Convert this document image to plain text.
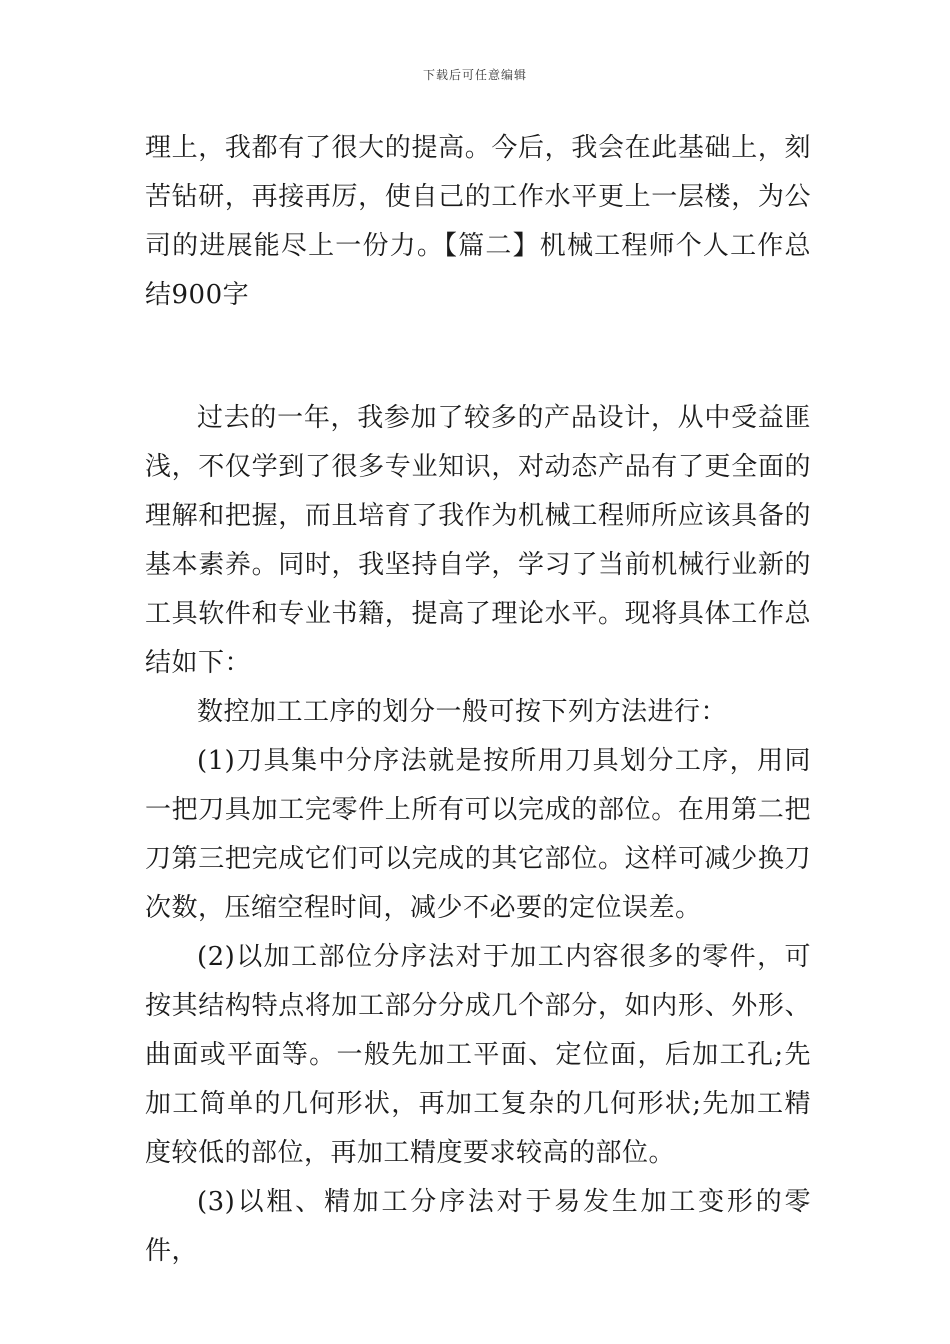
下载后可任意编辑

理上，我都有了很大的提高。今后，我会在此基础上，刻苦钻研，再接再厉，使自己的工作水平更上一层楼，为公司的进展能尽上一份力。【篇二】机械工程师个人工作总结900字

过去的一年，我参加了较多的产品设计，从中受益匪浅，不仅学到了很多专业知识，对动态产品有了更全面的理解和把握，而且培育了我作为机械工程师所应该具备的基本素养。同时，我坚持自学，学习了当前机械行业新的工具软件和专业书籍，提高了理论水平。现将具体工作总结如下：

数控加工工序的划分一般可按下列方法进行：

(1)刀具集中分序法就是按所用刀具划分工序，用同一把刀具加工完零件上所有可以完成的部位。在用第二把刀第三把完成它们可以完成的其它部位。这样可减少换刀次数，压缩空程时间，减少不必要的定位误差。

(2)以加工部位分序法对于加工内容很多的零件，可按其结构特点将加工部分分成几个部分，如内形、外形、曲面或平面等。一般先加工平面、定位面，后加工孔;先加工简单的几何形状，再加工复杂的几何形状;先加工精度较低的部位，再加工精度要求较高的部位。

(3)以粗、精加工分序法对于易发生加工变形的零件，
